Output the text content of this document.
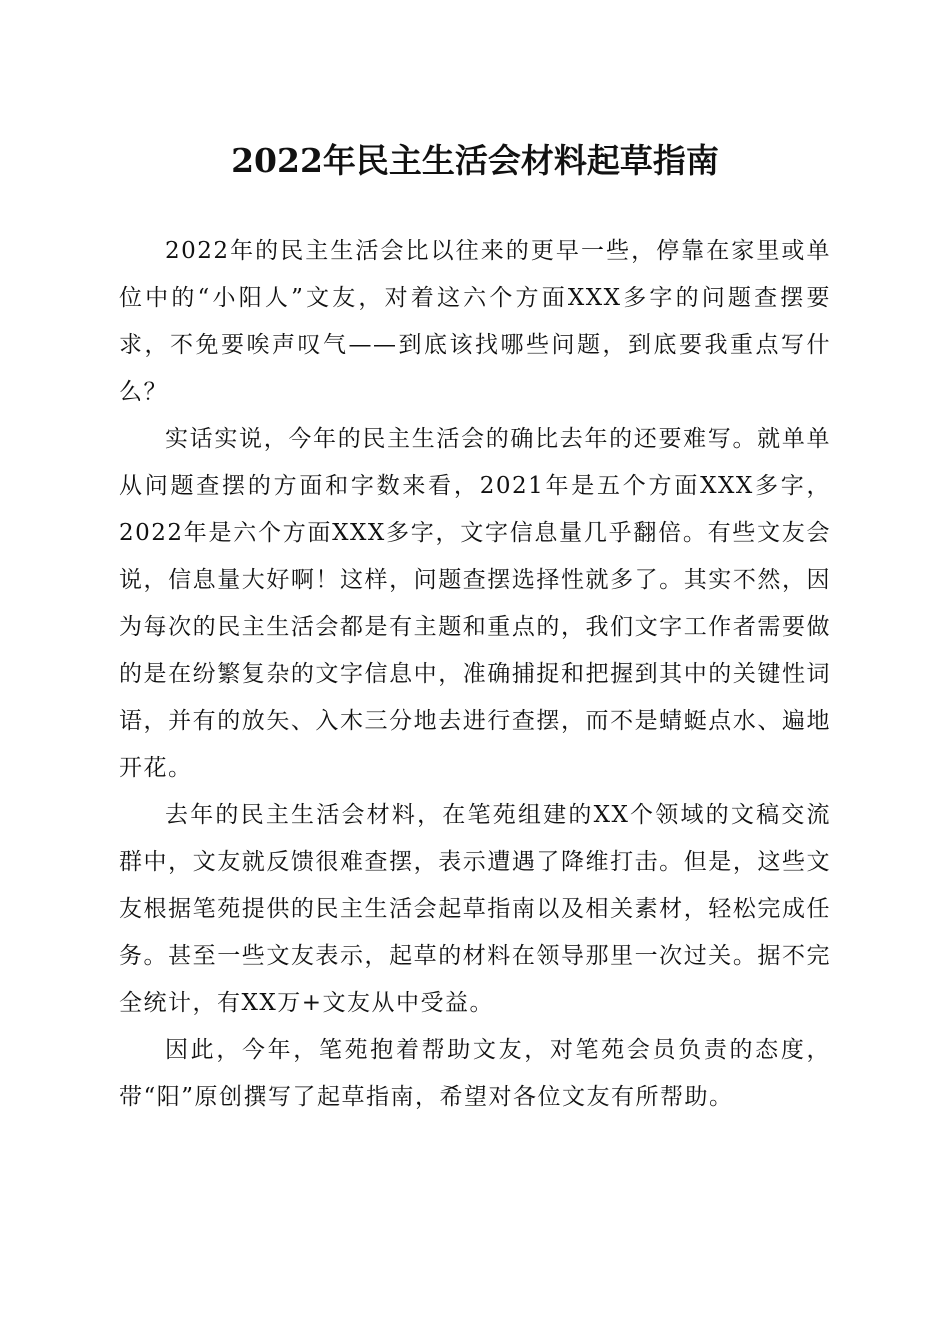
2022年民主生活会材料起草指南

2022年的民主生活会比以往来的更早一些，停靠在家里或单位中的“小阳人”文友，对着这六个方面XXX多字的问题查摆要求，不免要唉声叹气——到底该找哪些问题，到底要我重点写什么？

实话实说，今年的民主生活会的确比去年的还要难写。就单单从问题查摆的方面和字数来看，2021年是五个方面XXX多字，2022年是六个方面XXX多字，文字信息量几乎翻倍。有些文友会说，信息量大好啊！这样，问题查摆选择性就多了。其实不然，因为每次的民主生活会都是有主题和重点的，我们文字工作者需要做的是在纷繁复杂的文字信息中，准确捕捉和把握到其中的关键性词语，并有的放矢、入木三分地去进行查摆，而不是蜻蜓点水、遍地开花。

去年的民主生活会材料，在笔苑组建的XX个领域的文稿交流群中，文友就反馈很难查摆，表示遭遇了降维打击。但是，这些文友根据笔苑提供的民主生活会起草指南以及相关素材，轻松完成任务。甚至一些文友表示，起草的材料在领导那里一次过关。据不完全统计，有XX万+文友从中受益。

因此，今年，笔苑抱着帮助文友，对笔苑会员负责的态度，带“阳”原创撰写了起草指南，希望对各位文友有所帮助。
